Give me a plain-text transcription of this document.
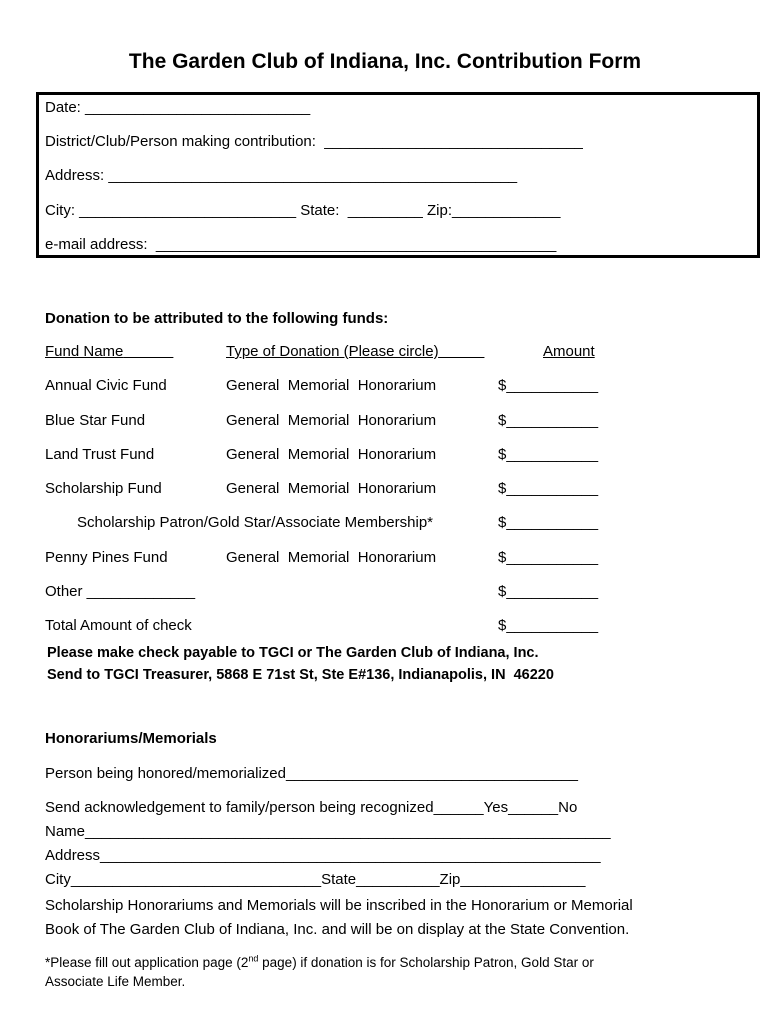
The Garden Club of Indiana, Inc. Contribution Form
Date: ___________________________
District/Club/Person making contribution:  _______________________________
Address: _________________________________________________
City: __________________________ State:  _________ Zip:_____________
e-mail address:  ________________________________________________
Donation to be attributed to the following funds:
Fund Name	Type of Donation (Please circle)	Amount
Annual Civic Fund	General  Memorial  Honorarium	$___________
Blue Star Fund	General  Memorial  Honorarium	$___________
Land Trust Fund	General  Memorial  Honorarium	$___________
Scholarship Fund	General  Memorial  Honorarium	$___________
Scholarship Patron/Gold Star/Associate Membership*	$___________
Penny Pines Fund	General  Memorial  Honorarium	$___________
Other _____________	$___________
Total Amount of check	$___________
Please make check payable to TGCI or The Garden Club of Indiana, Inc.
Send to TGCI Treasurer, 5868 E 71st St, Ste E#136, Indianapolis, IN  46220
Honorariums/Memorials
Person being honored/memorialized___________________________________
Send acknowledgement to family/person being recognized______Yes______No
Name_______________________________________________________________
Address____________________________________________________________
City______________________________State__________Zip_______________
Scholarship Honorariums and Memorials will be inscribed in the Honorarium or Memorial
Book of The Garden Club of Indiana, Inc. and will be on display at the State Convention.
*Please fill out application page (2nd page) if donation is for Scholarship Patron, Gold Star or
Associate Life Member.
